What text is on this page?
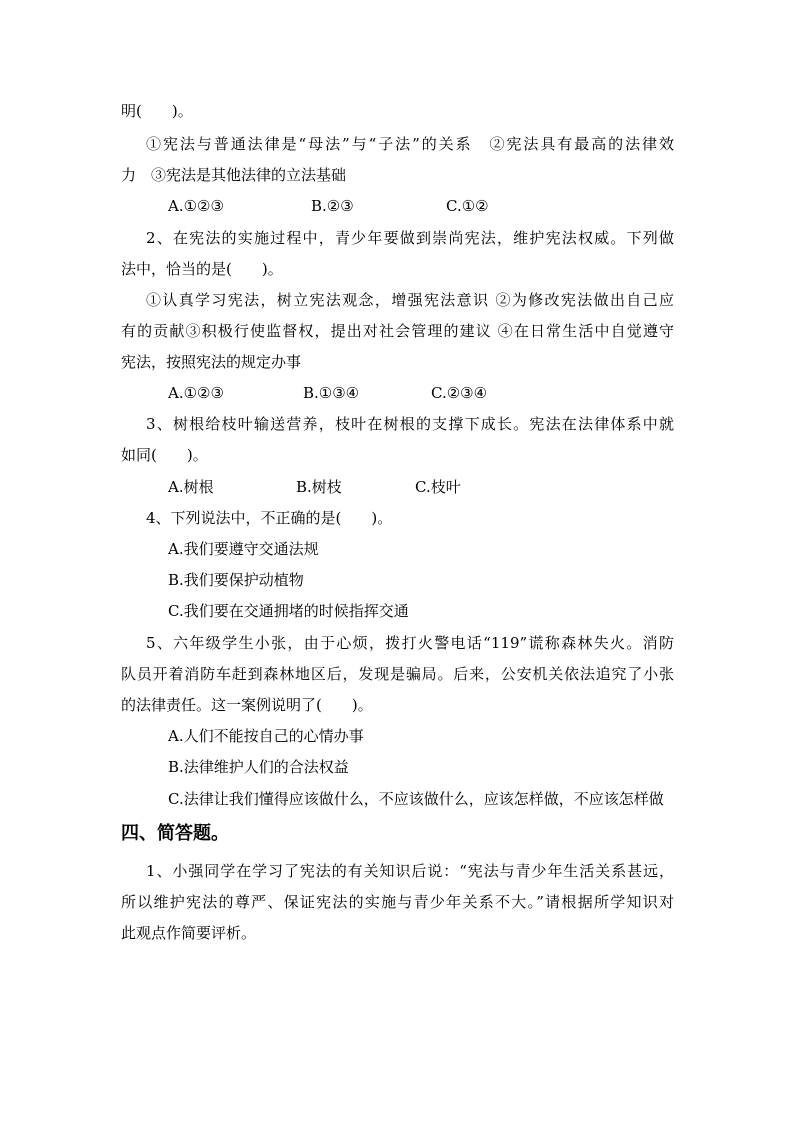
明(　　)。
①宪法与普通法律是“母法”与“子法”的关系　②宪法具有最高的法律效
力　③宪法是其他法律的立法基础
A.①②③	B.②③	C.①②
2、在宪法的实施过程中，青少年要做到崇尚宪法，维护宪法权威。下列做
法中，恰当的是(　　)。
①认真学习宪法，树立宪法观念，增强宪法意识 ②为修改宪法做出自己应
有的贡献③积极行使监督权，提出对社会管理的建议 ④在日常生活中自觉遵守
宪法，按照宪法的规定办事
A.①②③	B.①③④	C.②③④
3、树根给枝叶输送营养，枝叶在树根的支撑下成长。宪法在法律体系中就
如同(　　)。
A.树根	B.树枝	C.枝叶
4、下列说法中，不正确的是(　　)。
A.我们要遵守交通法规
B.我们要保护动植物
C.我们要在交通拥堵的时候指挥交通
5、六年级学生小张，由于心烦，拨打火警电话“119”谎称森林失火。消防
队员开着消防车赶到森林地区后，发现是骗局。后来，公安机关依法追究了小张
的法律责任。这一案例说明了(　　)。
A.人们不能按自己的心情办事
B.法律维护人们的合法权益
C.法律让我们懂得应该做什么，不应该做什么，应该怎样做，不应该怎样做
四、简答题。
1、小强同学在学习了宪法的有关知识后说：“宪法与青少年生活关系甚远，
所以维护宪法的尊严、保证宪法的实施与青少年关系不大。”请根据所学知识对
此观点作简要评析。
